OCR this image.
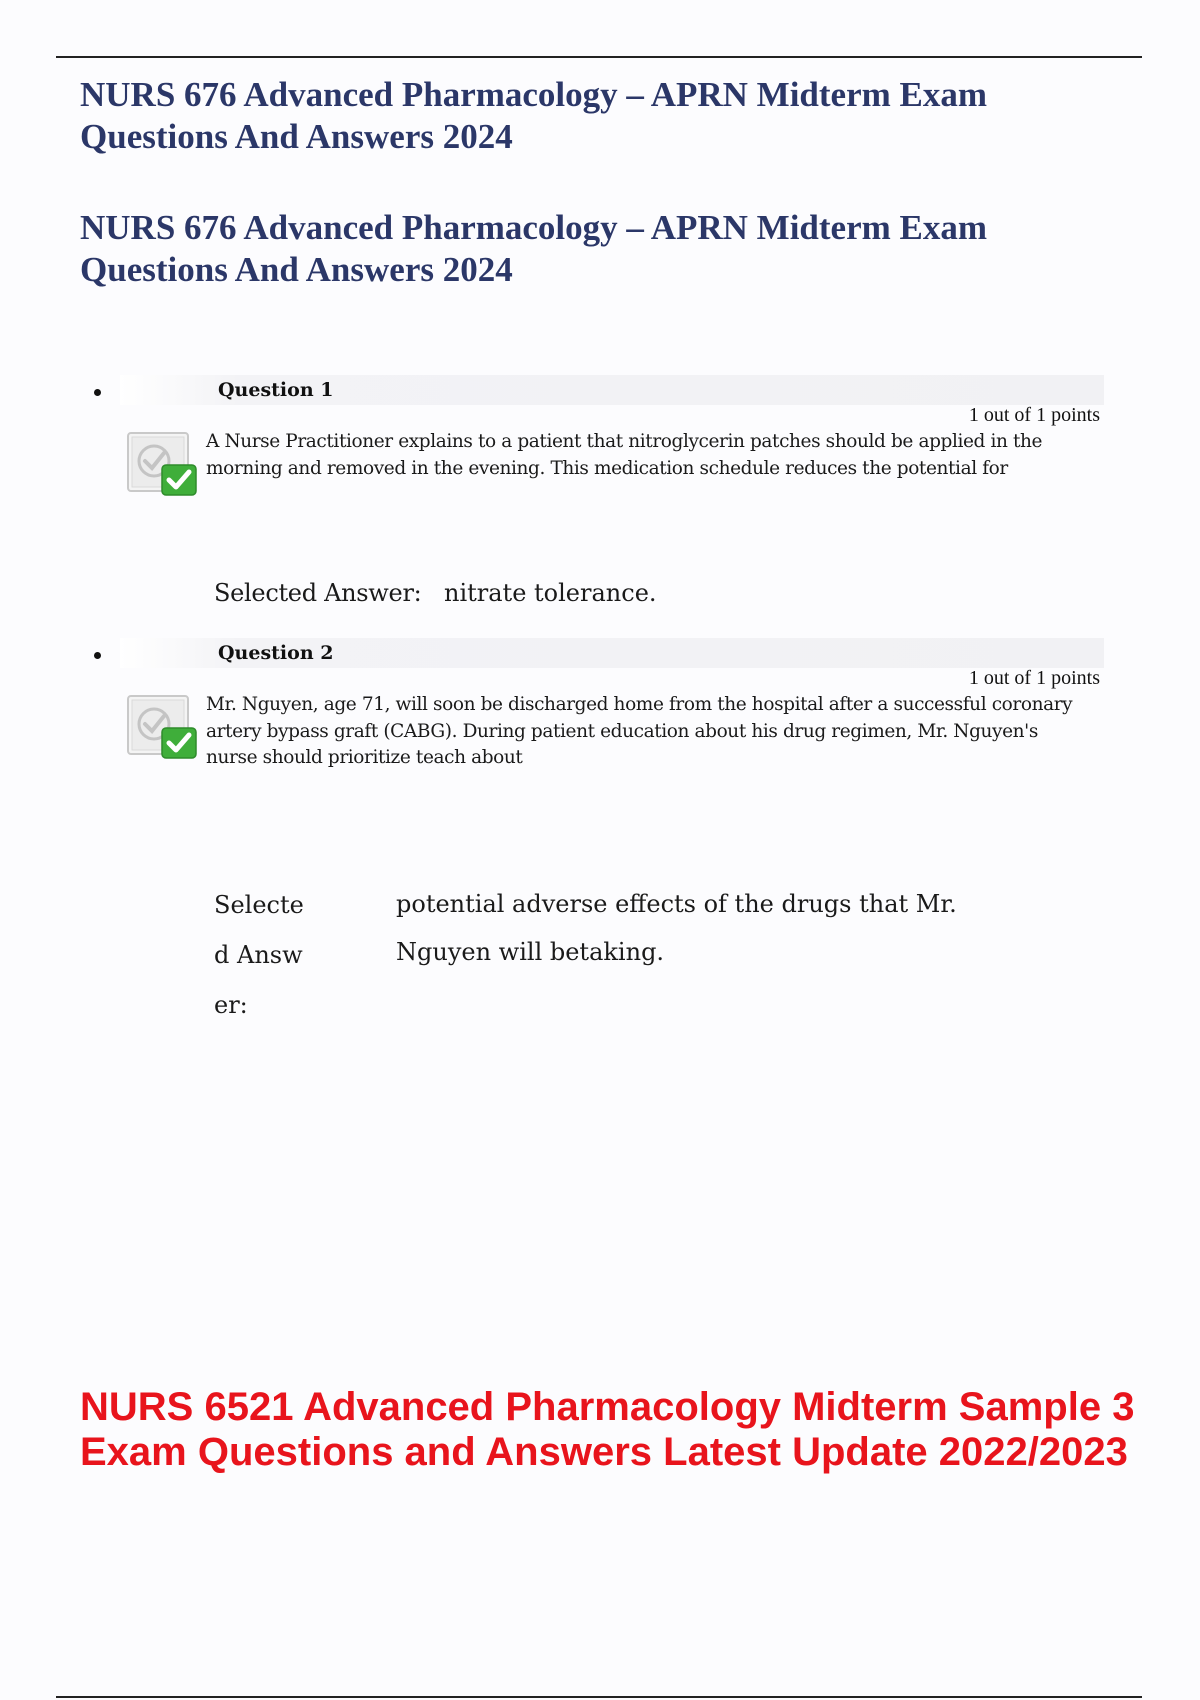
NURS 676 Advanced Pharmacology – APRN Midterm Exam Questions And Answers 2024
NURS 676 Advanced Pharmacology – APRN Midterm Exam Questions And Answers 2024
Question 1
1 out of 1 points

A Nurse Practitioner explains to a patient that nitroglycerin patches should be applied in the morning and removed in the evening. This medication schedule reduces the potential for

Selected Answer: nitrate tolerance.
Question 2
1 out of 1 points

Mr. Nguyen, age 71, will soon be discharged home from the hospital after a successful coronary artery bypass graft (CABG). During patient education about his drug regimen, Mr. Nguyen's nurse should prioritize teach about

Selected Answer:
potential adverse effects of the drugs that Mr. Nguyen will betaking.
NURS 6521 Advanced Pharmacology Midterm Sample 3 Exam Questions and Answers Latest Update 2022/2023
